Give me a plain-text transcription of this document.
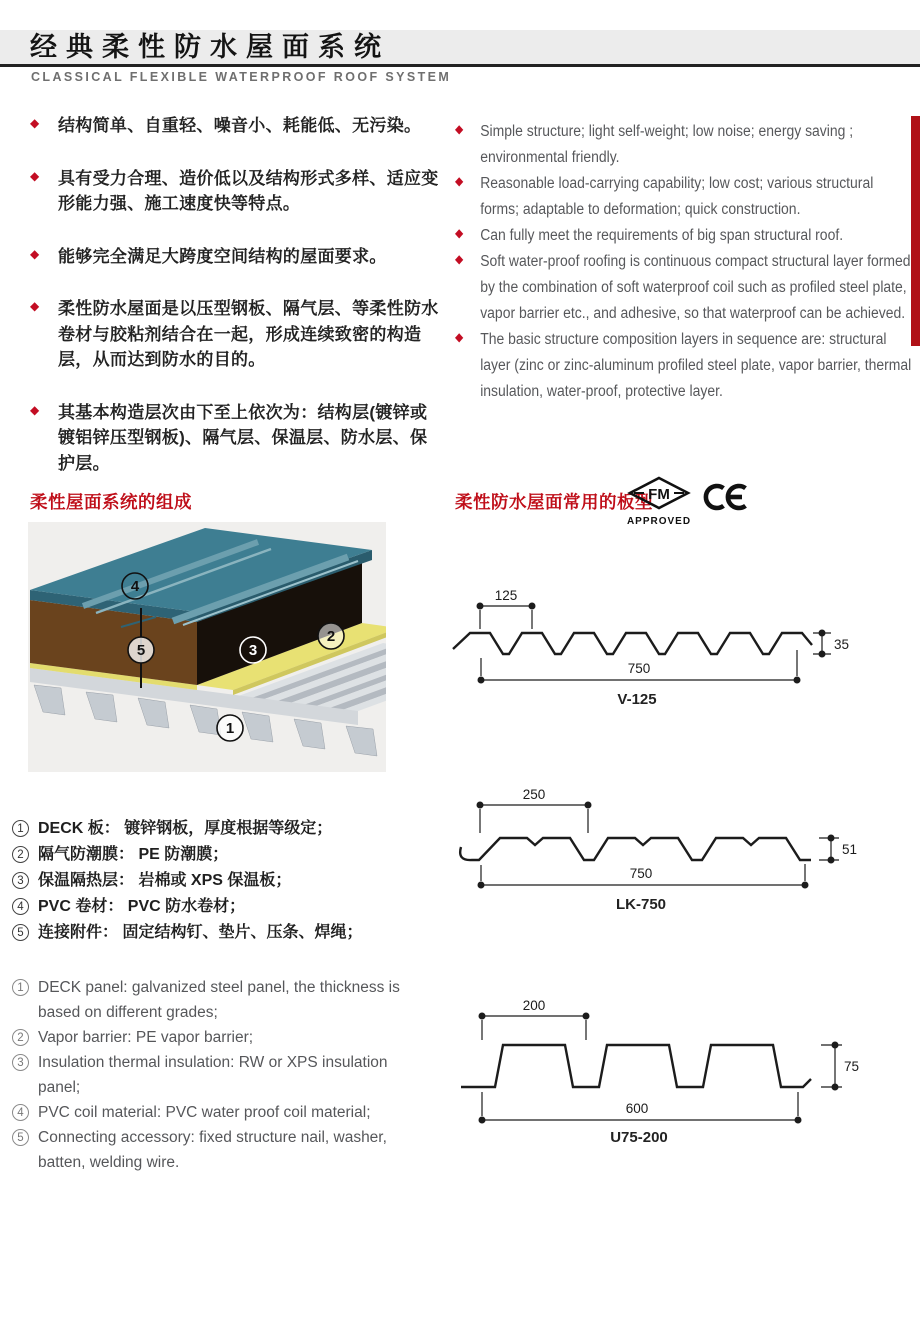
经典柔性防水屋面系统
CLASSICAL FLEXIBLE WATERPROOF ROOF SYSTEM
◆ 结构简单、自重轻、噪音小、耗能低、无污染。
◆ 具有受力合理、造价低以及结构形式多样、适应变形能力强、施工速度快等特点。
◆ 能够完全满足大跨度空间结构的屋面要求。
◆ 柔性防水屋面是以压型钢板、隔气层、等柔性防水卷材与胶粘剂结合在一起，形成连续致密的构造层，从而达到防水的目的。
◆ 其基本构造层次由下至上依次为：结构层(镀锌或镀铝锌压型钢板)、隔气层、保温层、防水层、保护层。
◆ Simple structure; light self-weight; low noise; energy saving ; environmental friendly.
◆ Reasonable load-carrying capability; low cost; various structural forms; adaptable to deformation; quick construction.
◆ Can fully meet the requirements of big span structural roof.
◆ Soft water-proof roofing is continuous compact structural layer formed by the combination of soft waterproof coil such as profiled steel plate, vapor barrier etc., and adhesive, so that waterproof can be achieved.
◆ The basic structure composition layers in sequence are: structural layer (zinc or zinc-aluminum profiled steel plate, vapor barrier, thermal insulation, water-proof, protective layer.
柔性屋面系统的组成	柔性防水屋面常用的板型
FM
APPROVED
4
5	3
2
1
125
750
35
V-125
250
750
51
LK-750
200
600
75
U75-200
1 DECK 板： 镀锌钢板，厚度根据等级定；
2 隔气防潮膜： PE 防潮膜；
3 保温隔热层： 岩棉或 XPS 保温板；
4 PVC 卷材： PVC 防水卷材；
5 连接附件： 固定结构钉、垫片、压条、焊绳；
1 DECK panel: galvanized steel panel, the thickness is based on different grades;
2 Vapor barrier: PE vapor barrier;
3 Insulation thermal insulation: RW or XPS insulation panel;
4 PVC coil material: PVC water proof coil material;
5 Connecting accessory: fixed structure nail, washer, batten, welding wire.
